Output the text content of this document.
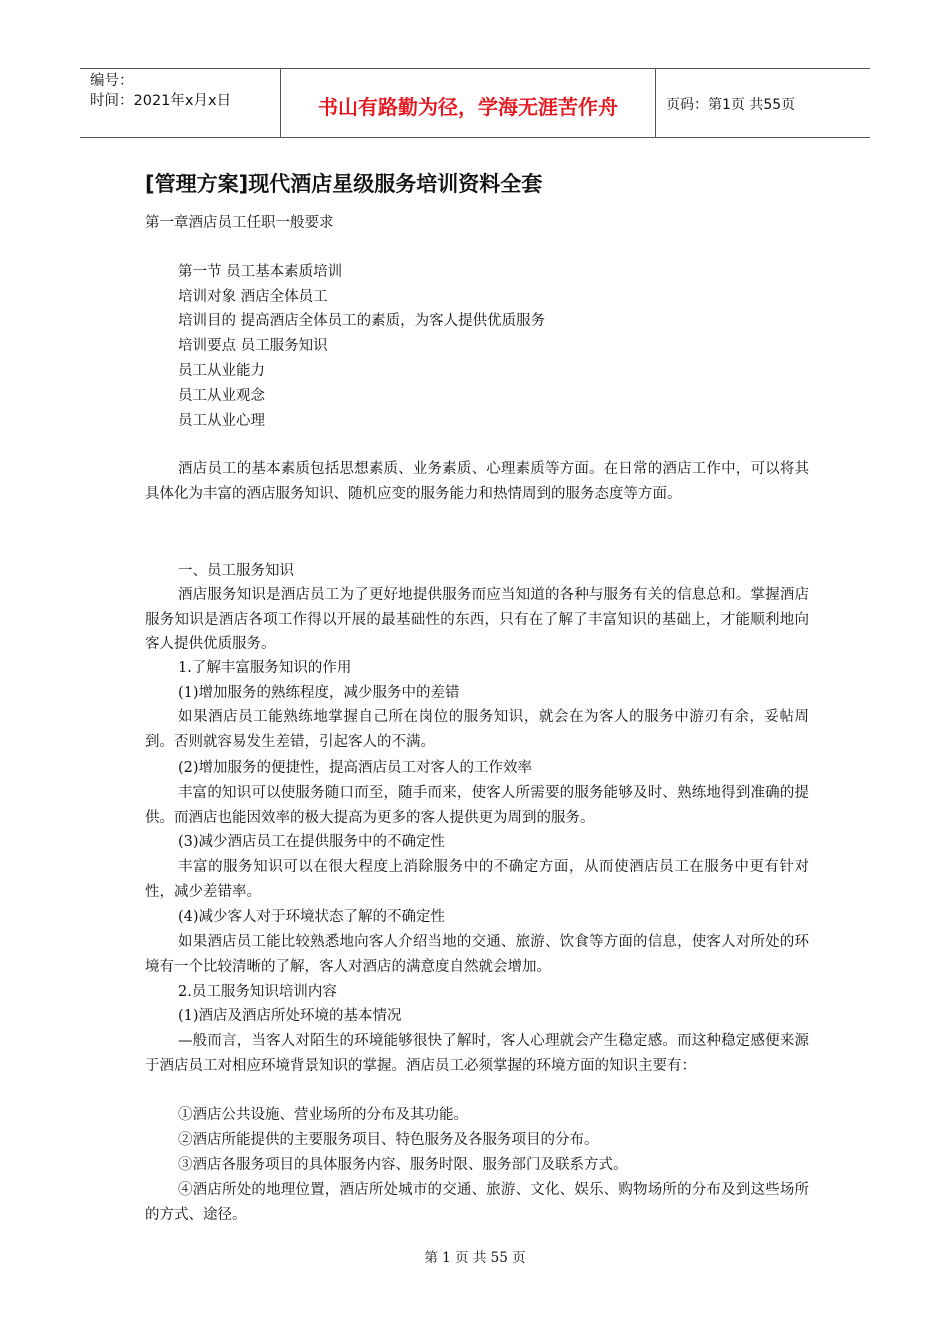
编号：
时间：2021年x月x日	书山有路勤为径，学海无涯苦作舟	页码：第1页 共55页
[管理方案]现代酒店星级服务培训资料全套
第一章酒店员工任职一般要求
第一节 员工基本素质培训
培训对象 酒店全体员工
培训目的 提高酒店全体员工的素质，为客人提供优质服务
培训要点 员工服务知识
员工从业能力
员工从业观念
员工从业心理
酒店员工的基本素质包括思想素质、业务素质、心理素质等方面。在日常的酒店工作中，可以将其具体化为丰富的酒店服务知识、随机应变的服务能力和热情周到的服务态度等方面。
一、员工服务知识
酒店服务知识是酒店员工为了更好地提供服务而应当知道的各种与服务有关的信息总和。掌握酒店服务知识是酒店各项工作得以开展的最基础性的东西，只有在了解了丰富知识的基础上，才能顺利地向客人提供优质服务。
1.了解丰富服务知识的作用
(1)增加服务的熟练程度，减少服务中的差错
如果酒店员工能熟练地掌握自己所在岗位的服务知识，就会在为客人的服务中游刃有余，妥帖周到。否则就容易发生差错，引起客人的不满。
(2)增加服务的便捷性，提高酒店员工对客人的工作效率
丰富的知识可以使服务随口而至，随手而来，使客人所需要的服务能够及时、熟练地得到准确的提供。而酒店也能因效率的极大提高为更多的客人提供更为周到的服务。
(3)减少酒店员工在提供服务中的不确定性
丰富的服务知识可以在很大程度上消除服务中的不确定方面，从而使酒店员工在服务中更有针对性，减少差错率。
(4)减少客人对于环境状态了解的不确定性
如果酒店员工能比较熟悉地向客人介绍当地的交通、旅游、饮食等方面的信息，使客人对所处的环境有一个比较清晰的了解，客人对酒店的满意度自然就会增加。
2.员工服务知识培训内容
(1)酒店及酒店所处环境的基本情况
—般而言，当客人对陌生的环境能够很快了解时，客人心理就会产生稳定感。而这种稳定感便来源于酒店员工对相应环境背景知识的掌握。酒店员工必须掌握的环境方面的知识主要有：
①酒店公共设施、营业场所的分布及其功能。
②酒店所能提供的主要服务项目、特色服务及各服务项目的分布。
③酒店各服务项目的具体服务内容、服务时限、服务部门及联系方式。
④酒店所处的地理位置，酒店所处城市的交通、旅游、文化、娱乐、购物场所的分布及到这些场所的方式、途径。
第 1 页 共 55 页
